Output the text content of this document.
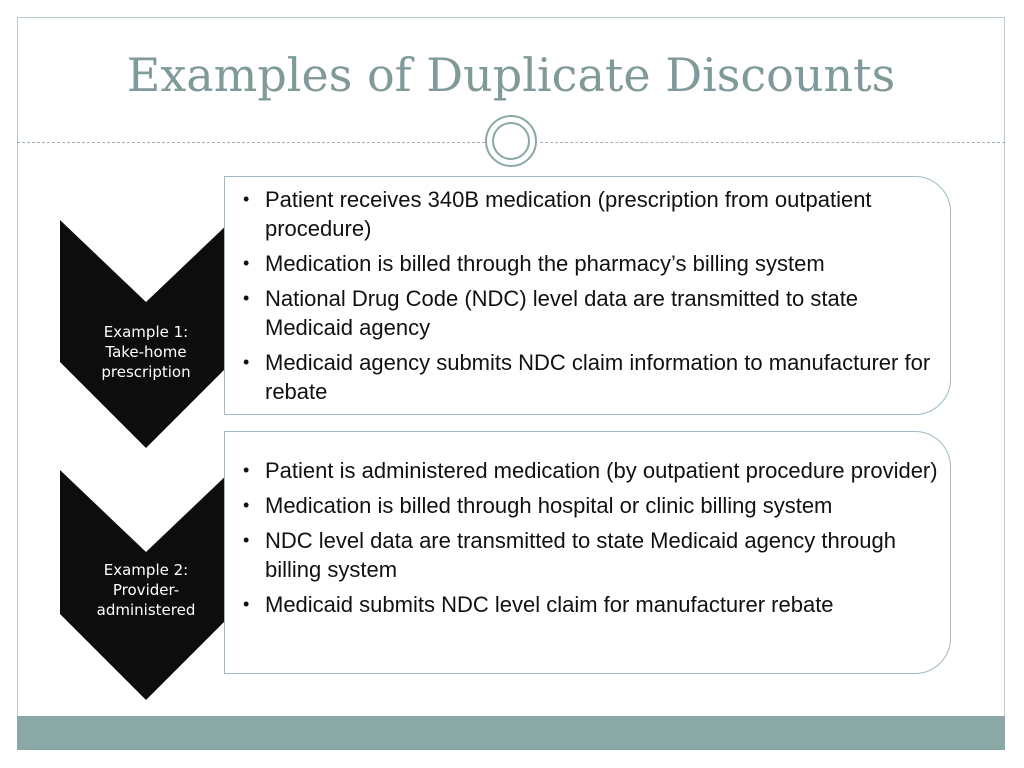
Examples of Duplicate Discounts
Example 1:
Take-home
prescription
• Patient receives 340B medication (prescription from outpatient procedure)
• Medication is billed through the pharmacy’s billing system
• National Drug Code (NDC) level data are transmitted to state Medicaid agency
• Medicaid agency submits NDC claim information to manufacturer for rebate
Example 2:
Provider-
administered
• Patient is administered medication (by outpatient procedure provider)
• Medication is billed through hospital or clinic billing system
• NDC level data are transmitted to state Medicaid agency through billing system
• Medicaid submits NDC level claim for manufacturer rebate
